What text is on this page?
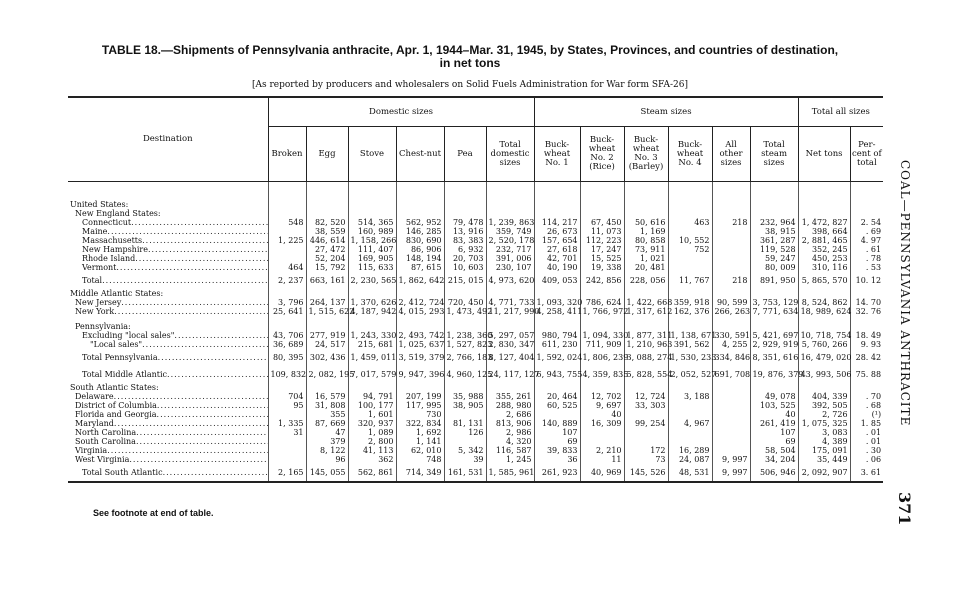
TABLE 18.—Shipments of Pennsylvania anthracite, Apr. 1, 1944–Mar. 31, 1945, by States, Provinces, and countries of destination,
in net tons
[As reported by producers and wholesalers on Solid Fuels Administration for War form SFA-26]
Destination	Domestic sizes						Steam sizes						Total all sizes	
	Broken	Egg	Stove	Chest-nut	Pea	Total domestic sizes	Buck-wheat No. 1	Buck-wheat No. 2 (Rice)	Buck-wheat No. 3 (Barley)	Buck-wheat No. 4	All other sizes	Total steam sizes	Net tons	Per-cent of total
United States:														
New England States:														
Connecticut .....	548	82, 520	514, 365	562, 952	79, 478	1, 239, 863	114, 217	67, 450	50, 616	463	218	232, 964	1, 472, 827	2. 54
Maine .....		38, 559	160, 989	146, 285	13, 916	359, 749	26, 673	11, 073	1, 169			38, 915	398, 664	. 69
Massachusetts .....	1, 225	446, 614	1, 158, 266	830, 690	83, 383	2, 520, 178	157, 654	112, 223	80, 858	10, 552		361, 287	2, 881, 465	4. 97
New Hampshire .....		27, 472	111, 407	86, 906	6, 932	232, 717	27, 618	17, 247	73, 911	752		119, 528	352, 245	. 61
Rhode Island .....		52, 204	169, 905	148, 194	20, 703	391, 006	42, 701	15, 525	1, 021			59, 247	450, 253	. 78
Vermont .....	464	15, 792	115, 633	87, 615	10, 603	230, 107	40, 190	19, 338	20, 481			80, 009	310, 116	. 53
Total .....	2, 237	663, 161	2, 230, 565	1, 862, 642	215, 015	4, 973, 620	409, 053	242, 856	228, 056	11, 767	218	891, 950	5, 865, 570	10. 12
Middle Atlantic States:														
New Jersey .....	3, 796	264, 137	1, 370, 626	2, 412, 724	720, 450	4, 771, 733	1, 093, 320	786, 624	1, 422, 668	359, 918	90, 599	3, 753, 129	8, 524, 862	14. 70
New York .....	25, 641	1, 515, 622	4, 187, 942	4, 015, 293	1, 473, 492	11, 217, 990	4, 258, 411	1, 766, 972	1, 317, 612	162, 376	266, 263	7, 771, 634	18, 989, 624	32. 76

Pennsylvania:														
Excluding "local sales" .....	43, 706	277, 919	1, 243, 330	2, 493, 742	1, 238, 360	5, 297, 057	980, 794	1, 094, 330	1, 877, 311	1, 138, 671	330, 591	5, 421, 697	10, 718, 754	18. 49
"Local sales" .....	36, 689	24, 517	215, 681	1, 025, 637	1, 527, 823	2, 830, 347	611, 230	711, 909	1, 210, 963	391, 562	4, 255	2, 929, 919	5, 760, 266	9. 93
Total Pennsylvania .....	80, 395	302, 436	1, 459, 011	3, 519, 379	2, 766, 183	8, 127, 404	1, 592, 024	1, 806, 239	3, 088, 274	1, 530, 233	334, 846	8, 351, 616	16, 479, 020	28. 42
Total Middle Atlantic .....	109, 832	2, 082, 195	7, 017, 579	9, 947, 396	4, 960, 125	24, 117, 127	6, 943, 755	4, 359, 835	5, 828, 554	2, 052, 527	691, 708	19, 876, 379	43, 993, 506	75. 88
South Atlantic States:														
Delaware .....	704	16, 579	94, 791	207, 199	35, 988	355, 261	20, 464	12, 702	12, 724	3, 188		49, 078	404, 339	. 70
District of Columbia .....	95	31, 808	100, 177	117, 995	38, 905	288, 980	60, 525	9, 697	33, 303			103, 525	392, 505	. 68
Florida and Georgia .....		355	1, 601	730		2, 686		40				40	2, 726	(¹)
Maryland .....	1, 335	87, 669	320, 937	322, 834	81, 131	813, 906	140, 889	16, 309	99, 254	4, 967		261, 419	1, 075, 325	1. 85
North Carolina .....	31	47	1, 089	1, 692	126	2, 986	107					107	3, 083	. 01
South Carolina .....		379	2, 800	1, 141		4, 320	69					69	4, 389	. 01
Virginia .....		8, 122	41, 113	62, 010	5, 342	116, 587	39, 833	2, 210	172	16, 289		58, 504	175, 091	. 30
West Virginia .....		96	362	748	39	1, 245	36	11	73	24, 087	9, 997	34, 204	35, 449	. 06
Total South Atlantic .....	2, 165	145, 055	562, 861	714, 349	161, 531	1, 585, 961	261, 923	40, 969	145, 526	48, 531	9, 997	506, 946	2, 092, 907	3. 61
See footnote at end of table.
COAL—PENNSYLVANIA ANTHRACITE
371
